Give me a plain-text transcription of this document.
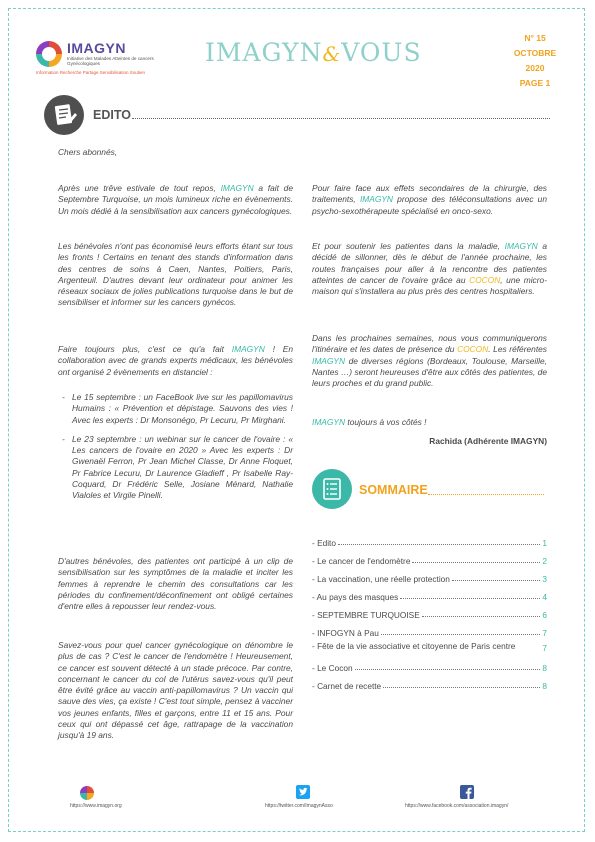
IMAGYN
Initiative des Malades Atteintes de cancers Gynécologiques
Information Recherche Partage Sensibilisation Soutien
IMAGYN&VOUS	N° 15
OCTOBRE
2020
PAGE 1
EDITO
Chers abonnés,
Après une trêve estivale de tout repos, IMAGYN a fait de Septembre Turquoise, un mois lumineux riche en évènements. Un mois dédié à la sensibilisation aux cancers gynécologiques.
Les bénévoles n'ont pas économisé leurs efforts étant sur tous les fronts ! Certains en tenant des stands d'information dans des centres de soins à Caen, Nantes, Poitiers, Paris, Argenteuil. D'autres devant leur ordinateur pour animer les réseaux sociaux de jolies publications turquoise dans le but de sensibiliser et informer sur les cancers gynécos.
Faire toujours plus, c'est ce qu'a fait IMAGYN ! En collaboration avec de grands experts médicaux, les bénévoles ont organisé 2 évènements en distanciel :
- Le 15 septembre : un FaceBook live sur les papillomavirus Humains : « Prévention et dépistage. Sauvons des vies ! Avec les experts : Dr Monsonégo, Pr Lecuru, Pr Mirghani.
- Le 23 septembre : un webinar sur le cancer de l'ovaire : « Les cancers de l'ovaire en 2020 » Avec les experts : Dr Gwenaël Ferron, Pr Jean Michel Classe, Dr Anne Floquet, Pr Fabrice Lecuru, Dr Laurence Gladieff , Pr Isabelle Ray-Coquard, Dr Frédéric Selle, Josiane Ménard, Nathalie Vialoles et Virgile Pinelli.
D'autres bénévoles, des patientes ont participé à un clip de sensibilisation sur les symptômes de la maladie et inciter les femmes à reprendre le chemin des consultations car les périodes du confinement/déconfinement ont obligé certaines d'entre elles à repousser leur rendez-vous.
Savez-vous pour quel cancer gynécologique on dénombre le plus de cas ? C'est le cancer de l'endomètre ! Heureusement, ce cancer est souvent détecté à un stade précoce. Par contre, concernant le cancer du col de l'utérus savez-vous qu'il peut être évité grâce au vaccin anti-papillomavirus ? Un vaccin qui sauve des vies, ça existe ! C'est tout simple, pensez à vacciner vos jeunes enfants, filles et garçons, entre 11 et 15 ans. Pour ceux qui ont dépassé cet âge, rattrapage de la vaccination jusqu'à 19 ans.
Pour faire face aux effets secondaires de la chirurgie, des traitements, IMAGYN propose des téléconsultations avec un psycho-sexothérapeute spécialisé en onco-sexo.
Et pour soutenir les patientes dans la maladie, IMAGYN a décidé de sillonner, dès le début de l'année prochaine, les routes françaises pour aller à la rencontre des patientes atteintes de cancer de l'ovaire grâce au COCON, une micro-maison qui s'installera au plus près des centres hospitaliers.
Dans les prochaines semaines, nous vous communiquerons l'itinéraire et les dates de présence du COCON. Les référentes IMAGYN de diverses régions (Bordeaux, Toulouse, Marseille, Nantes …) seront heureuses d'être aux côtés des patientes, de leurs proches et du grand public.
IMAGYN toujours à vos côtés !
Rachida (Adhérente IMAGYN)
SOMMAIRE
- Edito	1
- Le cancer de l'endomètre	2
- La vaccination, une réelle protection	3
- Au pays des masques	4
- SEPTEMBRE TURQUOISE	6
- INFOGYN à Pau	7
- Fête de la vie associative et citoyenne de Paris centre	7
- Le Cocon	8
- Carnet de recette	8
https://www.imagyn.org	https://twitter.com/ImagynAsso	https://www.facebook.com/association.imagyn/
